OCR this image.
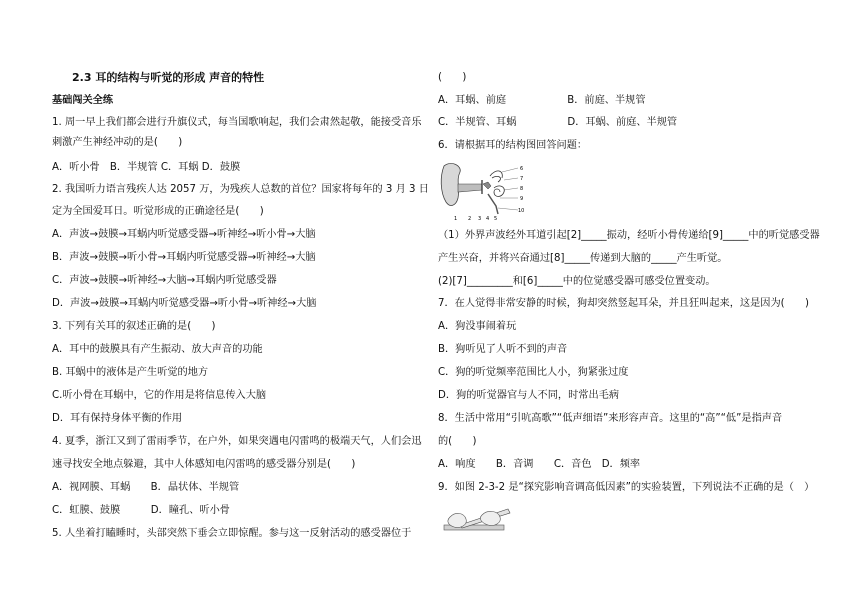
2.3 耳的结构与听觉的形成 声音的特性
基础闯关全练
1. 周一早上我们都会进行升旗仪式，每当国歌响起，我们会肃然起敬，能接受音乐
刺激产生神经冲动的是(　　)
A．听小骨　B．半规管 C．耳蜗 D．鼓膜
2. 我国听力语言残疾人达 2057 万，为残疾人总数的首位？国家将每年的 3 月 3 日
定为全国爱耳日。听觉形成的正确途径是(　　)
A．声波→鼓膜→耳蜗内听觉感受器→听神经→听小骨→大脑
B．声波→鼓膜→听小骨→耳蜗内听觉感受器→听神经→大脑
C．声波→鼓膜→听神经→大脑→耳蜗内听觉感受器
D．声波→鼓膜→耳蜗内听觉感受器→听小骨→听神经→大脑
3. 下列有关耳的叙述正确的是(　　)
A．耳中的鼓膜具有产生振动、放大声音的功能
B. 耳蜗中的液体是产生听觉的地方
C.听小骨在耳蜗中，它的作用是将信息传入大脑
D．耳有保持身体平衡的作用
4. 夏季，浙江又到了雷雨季节，在户外，如果突遇电闪雷鸣的极端天气，人们会迅
速寻找安全地点躲避，其中人体感知电闪雷鸣的感受器分别是(　　)
A．视网膜、耳蜗　　B．晶状体、半规管
C．虹膜、鼓膜　　　D．瞳孔、听小骨
5. 人坐着打瞌睡时，头部突然下垂会立即惊醒。参与这一反射活动的感受器位于
(　　)
A．耳蜗、前庭　　　　　　B．前庭、半规管
C．半规管、耳蜗　　　　　D．耳蜗、前庭、半规管
6．请根据耳的结构图回答问题：
6
7
8
9
10
1 2 3 4 5
（1）外界声波经外耳道引起[2]_____振动，经听小骨传递给[9]_____中的听觉感受器
产生兴奋，并将兴奋通过[8]_____传递到大脑的_____产生听觉。
(2)[7]_________和[6]_____中的位觉感受器可感受位置变动。
7．在人觉得非常安静的时候，狗却突然竖起耳朵，并且狂叫起来，这是因为(　　)
A．狗没事闹着玩
B．狗听见了人听不到的声音
C．狗的听觉频率范围比人小，狗紧张过度
D．狗的听觉器官与人不同，时常出毛病
8．生活中常用“引吭高歌”“低声细语”来形容声音。这里的“高”“低”是指声音
的(　　)
A．响度　　B．音调　　C．音色　D．频率
9．如图 2-3-2 是“探究影响音调高低因素”的实验装置，下列说法不正确的是（　）
